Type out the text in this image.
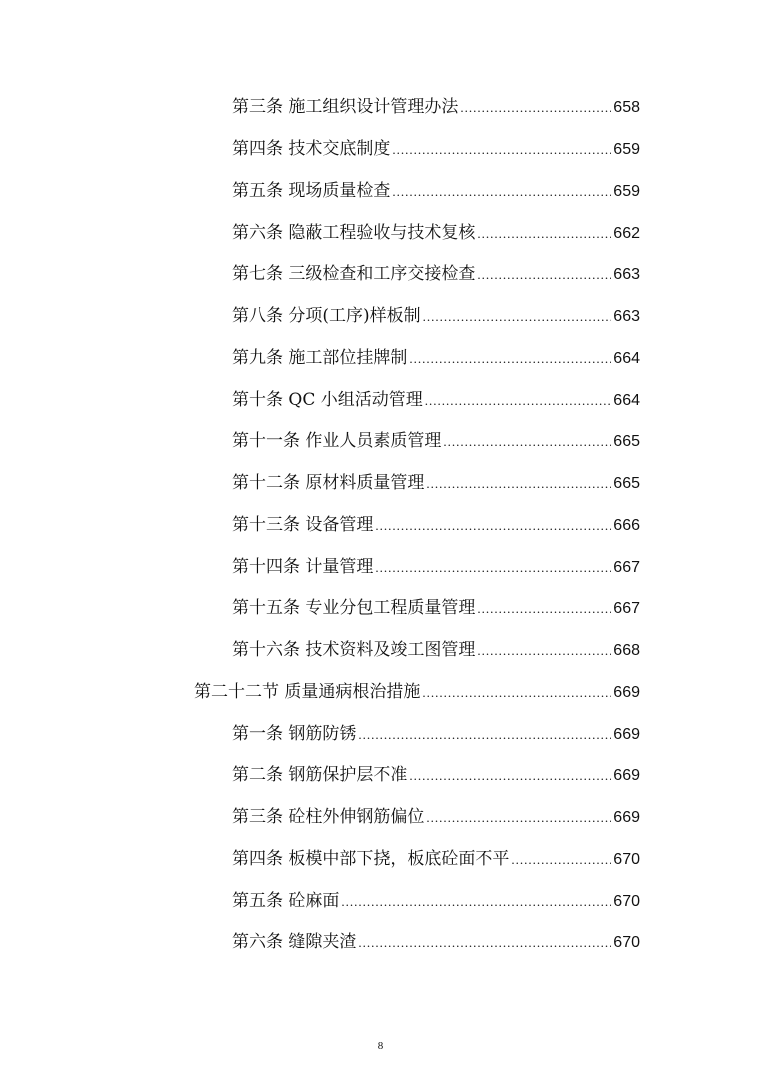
第三条 施工组织设计管理办法 .....	658
第四条 技术交底制度 .....	659
第五条 现场质量检查 .....	659
第六条 隐蔽工程验收与技术复核 .....	662
第七条 三级检查和工序交接检查 .....	663
第八条 分项(工序)样板制 .....	663
第九条 施工部位挂牌制 .....	664
第十条 QC 小组活动管理 .....	664
第十一条 作业人员素质管理 .....	665
第十二条 原材料质量管理 .....	665
第十三条 设备管理 .....	666
第十四条 计量管理 .....	667
第十五条 专业分包工程质量管理 .....	667
第十六条 技术资料及竣工图管理 .....	668
第二十二节 质量通病根治措施 .....	669
第一条 钢筋防锈 .....	669
第二条 钢筋保护层不准 .....	669
第三条 砼柱外伸钢筋偏位 .....	669
第四条 板模中部下挠，板底砼面不平 .....	670
第五条 砼麻面 .....	670
第六条 缝隙夹渣 .....	670
8
